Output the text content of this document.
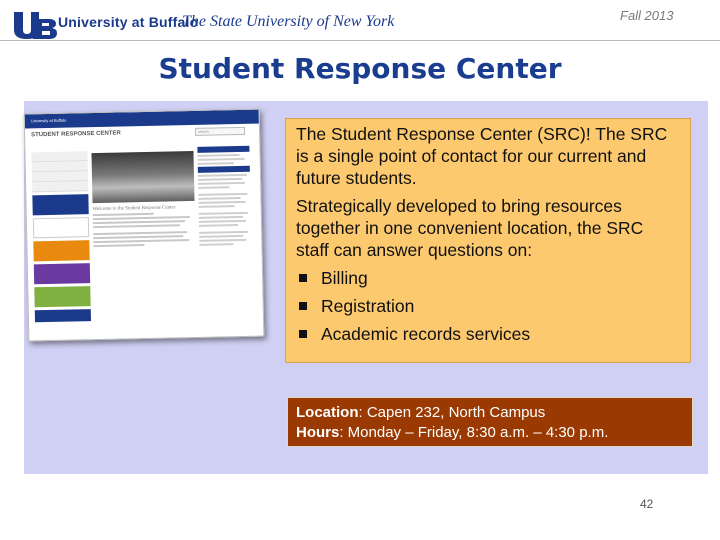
University at Buffalo
The State University of New York	Fall 2013
Student Response Center
University at Buffalo
STUDENT RESPONSE CENTER	search
Welcome to the Student Response Center

The Student Response Center (SRC)! The SRC is a single point of contact for our current and future students.

Strategically developed to bring resources together in one convenient location, the SRC staff can answer questions on:

Billing
Registration
Academic records services
Location: Capen 232, North Campus
Hours: Monday – Friday, 8:30 a.m. – 4:30 p.m.
42
